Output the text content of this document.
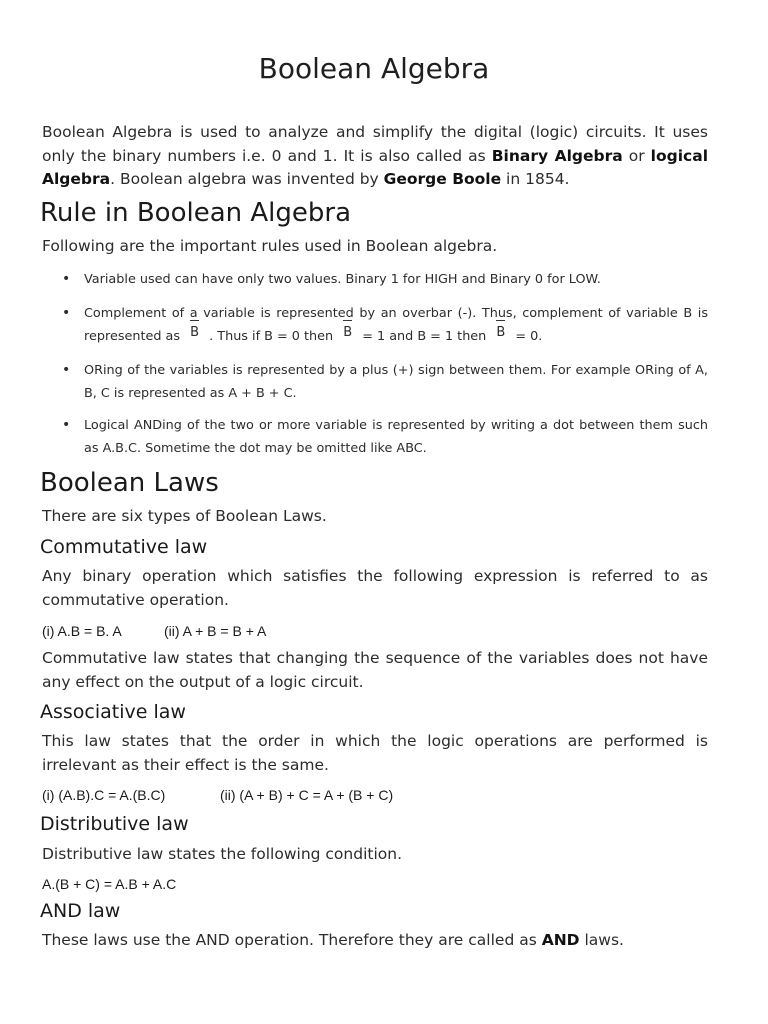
Boolean Algebra

Boolean Algebra is used to analyze and simplify the digital (logic) circuits. It uses only the binary numbers i.e. 0 and 1. It is also called as Binary Algebra or logical Algebra. Boolean algebra was invented by George Boole in 1854.

Rule in Boolean Algebra

Following are the important rules used in Boolean algebra.

• Variable used can have only two values. Binary 1 for HIGH and Binary 0 for LOW.
• Complement of a variable is represented by an overbar (-). Thus, complement of variable B is represented as B . Thus if B = 0 then B = 1 and B = 1 then B = 0.
• ORing of the variables is represented by a plus (+) sign between them. For example ORing of A, B, C is represented as A + B + C.
• Logical ANDing of the two or more variable is represented by writing a dot between them such as A.B.C. Sometime the dot may be omitted like ABC.
Boolean Laws

There are six types of Boolean Laws.

Commutative law

Any binary operation which satisfies the following expression is referred to as commutative operation.

(i) A.B = B. A	(ii) A + B = B + A

Commutative law states that changing the sequence of the variables does not have any effect on the output of a logic circuit.

Associative law

This law states that the order in which the logic operations are performed is irrelevant as their effect is the same.

(i) (A.B).C = A.(B.C)	(ii) (A + B) + C = A + (B + C)
Distributive law

Distributive law states the following condition.

A.(B + C) = A.B + A.C
AND law

These laws use the AND operation. Therefore they are called as AND laws.
